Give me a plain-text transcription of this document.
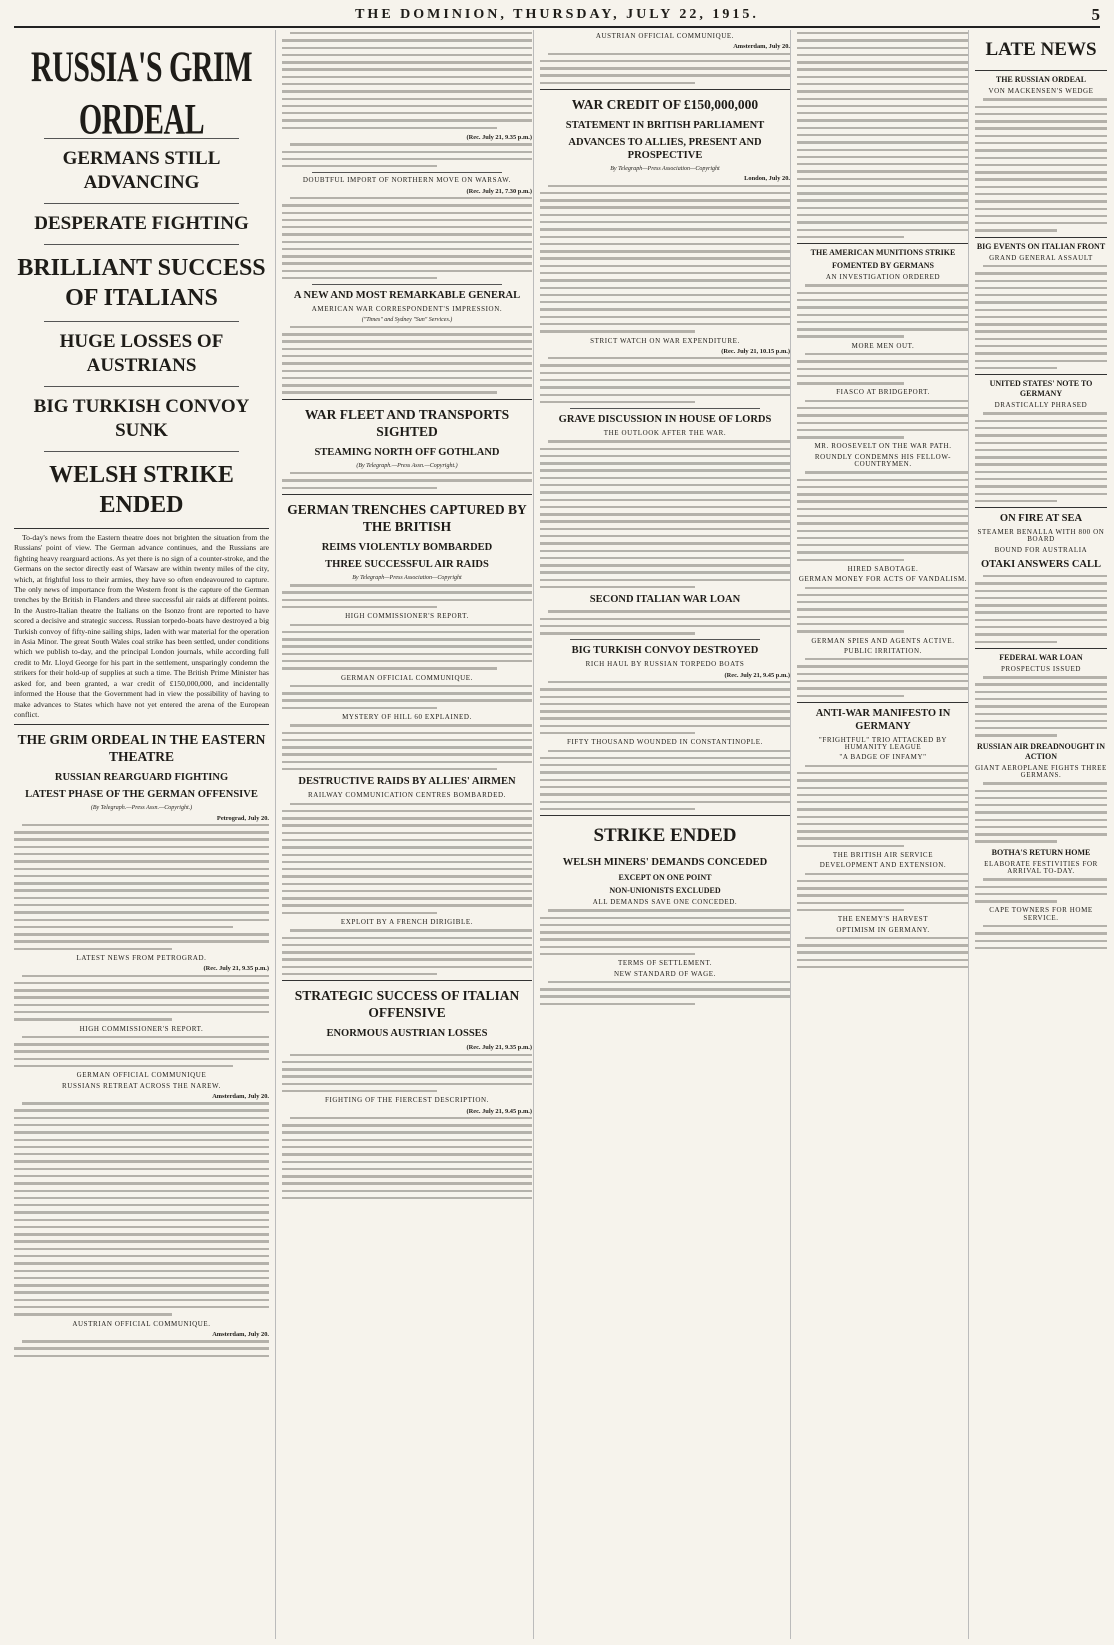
THE DOMINION, THURSDAY, JULY 22, 1915.	5
RUSSIA'S GRIM ORDEAL
GERMANS STILL ADVANCING
DESPERATE FIGHTING
BRILLIANT SUCCESS OF ITALIANS
HUGE LOSSES OF AUSTRIANS
BIG TURKISH CONVOY SUNK
WELSH STRIKE ENDED

To-day's news from the Eastern theatre does not brighten the situation from the Russians' point of view. The German advance continues, and the Russians are fighting heavy rearguard actions. As yet there is no sign of a counter-stroke, and the Germans on the sector directly east of Warsaw are within twenty miles of the city, which, at frightful loss to their armies, they have so often endeavoured to capture. The only news of importance from the Western front is the capture of the German trenches by the British in Flanders and three successful air raids at different points. In the Austro-Italian theatre the Italians on the Isonzo front are reported to have scored a decisive and strategic success. Russian torpedo-boats have destroyed a big Turkish convoy of fifty-nine sailing ships, laden with war material for the operation in Asia Minor. The great South Wales coal strike has been settled, under conditions which we publish to-day, and the principal London journals, while according full credit to Mr. Lloyd George for his part in the settlement, unsparingly condemn the strikers for their hold-up of supplies at such a time. The British Prime Minister has asked for, and been granted, a war credit of £150,000,000, and incidentally informed the House that the Government had in view the possibility of having to make advances to States which have not yet entered the arena of the European conflict.

THE GRIM ORDEAL IN THE EASTERN THEATRE
RUSSIAN REARGUARD FIGHTING
LATEST PHASE OF THE GERMAN OFFENSIVE
(By Telegraph.—Press Assn.—Copyright.)
Petrograd, July 20.
LATEST NEWS FROM PETROGRAD.
(Rec. July 21, 9.35 p.m.)
HIGH COMMISSIONER'S REPORT.
GERMAN OFFICIAL COMMUNIQUE
RUSSIANS RETREAT ACROSS THE NAREW.
Amsterdam, July 20.
AUSTRIAN OFFICIAL COMMUNIQUE.
Amsterdam, July 20.
(Rec. July 21, 9.35 p.m.)
DOUBTFUL IMPORT OF NORTHERN MOVE ON WARSAW.
(Rec. July 21, 7.30 p.m.)
A NEW AND MOST REMARKABLE GENERAL
AMERICAN WAR CORRESPONDENT'S IMPRESSION.
("Times" and Sydney "Sun" Services.)
WAR FLEET AND TRANSPORTS SIGHTED
STEAMING NORTH OFF GOTHLAND
(By Telegraph.—Press Assn.—Copyright.)
GERMAN TRENCHES CAPTURED BY THE BRITISH
REIMS VIOLENTLY BOMBARDED
THREE SUCCESSFUL AIR RAIDS
By Telegraph—Press Association—Copyright
HIGH COMMISSIONER'S REPORT.
GERMAN OFFICIAL COMMUNIQUE.
MYSTERY OF HILL 60 EXPLAINED.
DESTRUCTIVE RAIDS BY ALLIES' AIRMEN
RAILWAY COMMUNICATION CENTRES BOMBARDED.
EXPLOIT BY A FRENCH DIRIGIBLE.
STRATEGIC SUCCESS OF ITALIAN OFFENSIVE
ENORMOUS AUSTRIAN LOSSES
(Rec. July 21, 9.35 p.m.)
FIGHTING OF THE FIERCEST DESCRIPTION.
(Rec. July 21, 9.45 p.m.)
AUSTRIAN OFFICIAL COMMUNIQUE.
Amsterdam, July 20.
WAR CREDIT OF £150,000,000
STATEMENT IN BRITISH PARLIAMENT
ADVANCES TO ALLIES, PRESENT AND PROSPECTIVE
By Telegraph—Press Association—Copyright
London, July 20.
STRICT WATCH ON WAR EXPENDITURE.
(Rec. July 21, 10.15 p.m.)
GRAVE DISCUSSION IN HOUSE OF LORDS
THE OUTLOOK AFTER THE WAR.
SECOND ITALIAN WAR LOAN
BIG TURKISH CONVOY DESTROYED
RICH HAUL BY RUSSIAN TORPEDO BOATS
(Rec. July 21, 9.45 p.m.)
FIFTY THOUSAND WOUNDED IN CONSTANTINOPLE.
STRIKE ENDED
WELSH MINERS' DEMANDS CONCEDED
EXCEPT ON ONE POINT
NON-UNIONISTS EXCLUDED
ALL DEMANDS SAVE ONE CONCEDED.
TERMS OF SETTLEMENT.
NEW STANDARD OF WAGE.
THE AMERICAN MUNITIONS STRIKE
FOMENTED BY GERMANS
AN INVESTIGATION ORDERED
MORE MEN OUT.
FIASCO AT BRIDGEPORT.
MR. ROOSEVELT ON THE WAR PATH.
ROUNDLY CONDEMNS HIS FELLOW-COUNTRYMEN.
HIRED SABOTAGE.
GERMAN MONEY FOR ACTS OF VANDALISM.
GERMAN SPIES AND AGENTS ACTIVE.
PUBLIC IRRITATION.
ANTI-WAR MANIFESTO IN GERMANY
"FRIGHTFUL" TRIO ATTACKED BY HUMANITY LEAGUE
"A BADGE OF INFAMY"
THE BRITISH AIR SERVICE
DEVELOPMENT AND EXTENSION.
THE ENEMY'S HARVEST
OPTIMISM IN GERMANY.
LATE NEWS
THE RUSSIAN ORDEAL
VON MACKENSEN'S WEDGE
BIG EVENTS ON ITALIAN FRONT
GRAND GENERAL ASSAULT
UNITED STATES' NOTE TO GERMANY
DRASTICALLY PHRASED
ON FIRE AT SEA
STEAMER BENALLA WITH 800 ON BOARD
BOUND FOR AUSTRALIA
OTAKI ANSWERS CALL
FEDERAL WAR LOAN
PROSPECTUS ISSUED
RUSSIAN AIR DREADNOUGHT IN ACTION
GIANT AEROPLANE FIGHTS THREE GERMANS.
BOTHA'S RETURN HOME
ELABORATE FESTIVITIES FOR ARRIVAL TO-DAY.
CAPE TOWNERS FOR HOME SERVICE.
